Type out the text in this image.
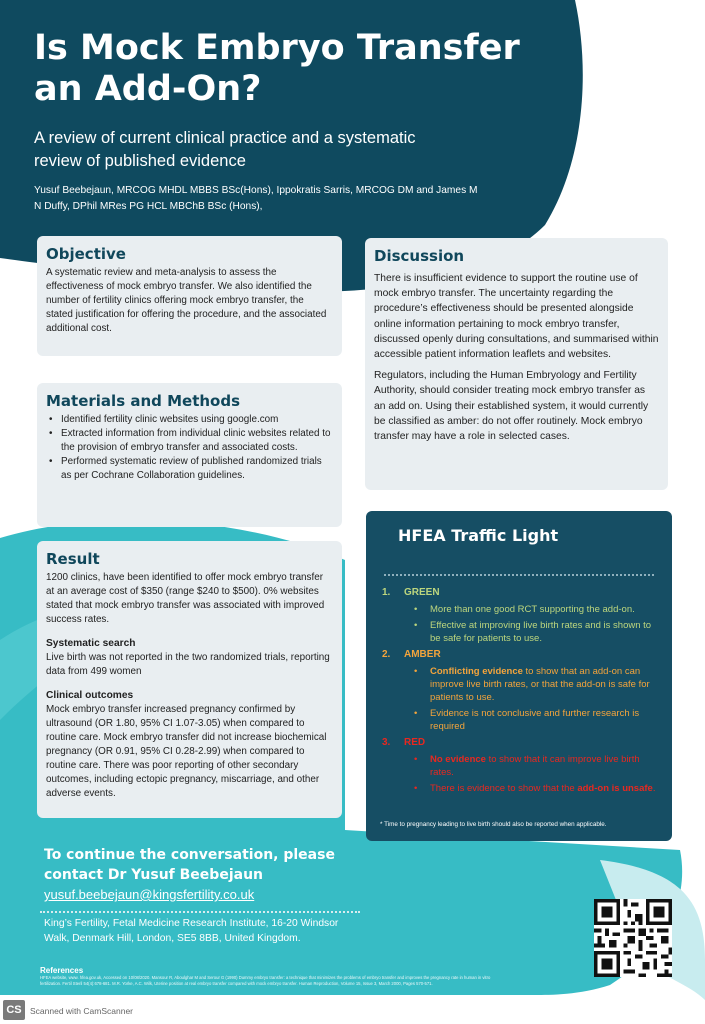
Is Mock Embryo Transfer an Add-On?
A review of current clinical practice and a systematic review of published evidence
Yusuf Beebejaun, MRCOG MHDL MBBS BSc(Hons), Ippokratis Sarris, MRCOG DM and James M N Duffy, DPhil MRes PG HCL MBChB BSc (Hons),
Objective

A systematic review and meta-analysis to assess the effectiveness of mock embryo transfer. We also identified the number of fertility clinics offering mock embryo transfer, the stated justification for offering the procedure, and the associated additional cost.

Materials and Methods
• Identified fertility clinic websites using google.com
• Extracted information from individual clinic websites related to the provision of embryo transfer and associated costs.
• Performed systematic review of published randomized trials as per Cochrane Collaboration guidelines.
Result

1200 clinics, have been identified to offer mock embryo transfer at an average cost of $350 (range $240 to $500). 0% websites stated that mock embryo transfer was associated with improved success rates.

Systematic search

Live birth was not reported in the two randomized trials, reporting data from 499 women

Clinical outcomes

Mock embryo transfer increased pregnancy confirmed by ultrasound (OR 1.80, 95% CI 1.07-3.05) when compared to routine care. Mock embryo transfer did not increase biochemical pregnancy (OR 0.91, 95% CI 0.28-2.99) when compared to routine care. There was poor reporting of other secondary outcomes, including ectopic pregnancy, miscarriage, and other adverse events.

Discussion

There is insufficient evidence to support the routine use of mock embryo transfer. The uncertainty regarding the procedure’s effectiveness should be presented alongside online information pertaining to mock embryo transfer, discussed openly during consultations, and summarised within accessible patient information leaflets and websites.

Regulators, including the Human Embryology and Fertility Authority, should consider treating mock embryo transfer as an add on. Using their established system, it would currently be classified as amber: do not offer routinely. Mock embryo transfer may have a role in selected cases.

HFEA Traffic Light
1.	GREEN
• More than one good RCT supporting the add-on.
• Effective at improving live birth rates and is shown to be safe for patients to use.
2.	AMBER
• Conflicting evidence to show that an add-on can improve live birth rates, or that the add-on is safe for patients to use.
• Evidence is not conclusive and further research is required
3.	RED
• No evidence to show that it can improve live birth rates.
• There is evidence to show that the add-on is unsafe.
* Time to pregnancy leading to live birth should also be reported when applicable.
To continue the conversation, please contact Dr Yusuf Beebejaun
yusuf.beebejaun@kingsfertility.co.uk
King’s Fertility, Fetal Medicine Research Institute, 16-20 Windsor Walk, Denmark Hill, London, SE5 8BB, United Kingdom.
References
HFEA website, www. hfea.gov.uk, Accessed on 10/08/2020. Mansour R, Aboulghar M and Serour G (1990) Dummy embryo transfer: a technique that minimizes the problems of embryo transfer and improves the pregnancy rate in human in vitro fertilization. Fertil Steril 54(4):678-681. M.R. Yorke, A.C. Wilk, Uterine position at real embryo transfer compared with mock embryo transfer. Human Reproduction, Volume 15, Issue 3, March 2000, Pages 570-571.
CS Scanned with CamScanner
